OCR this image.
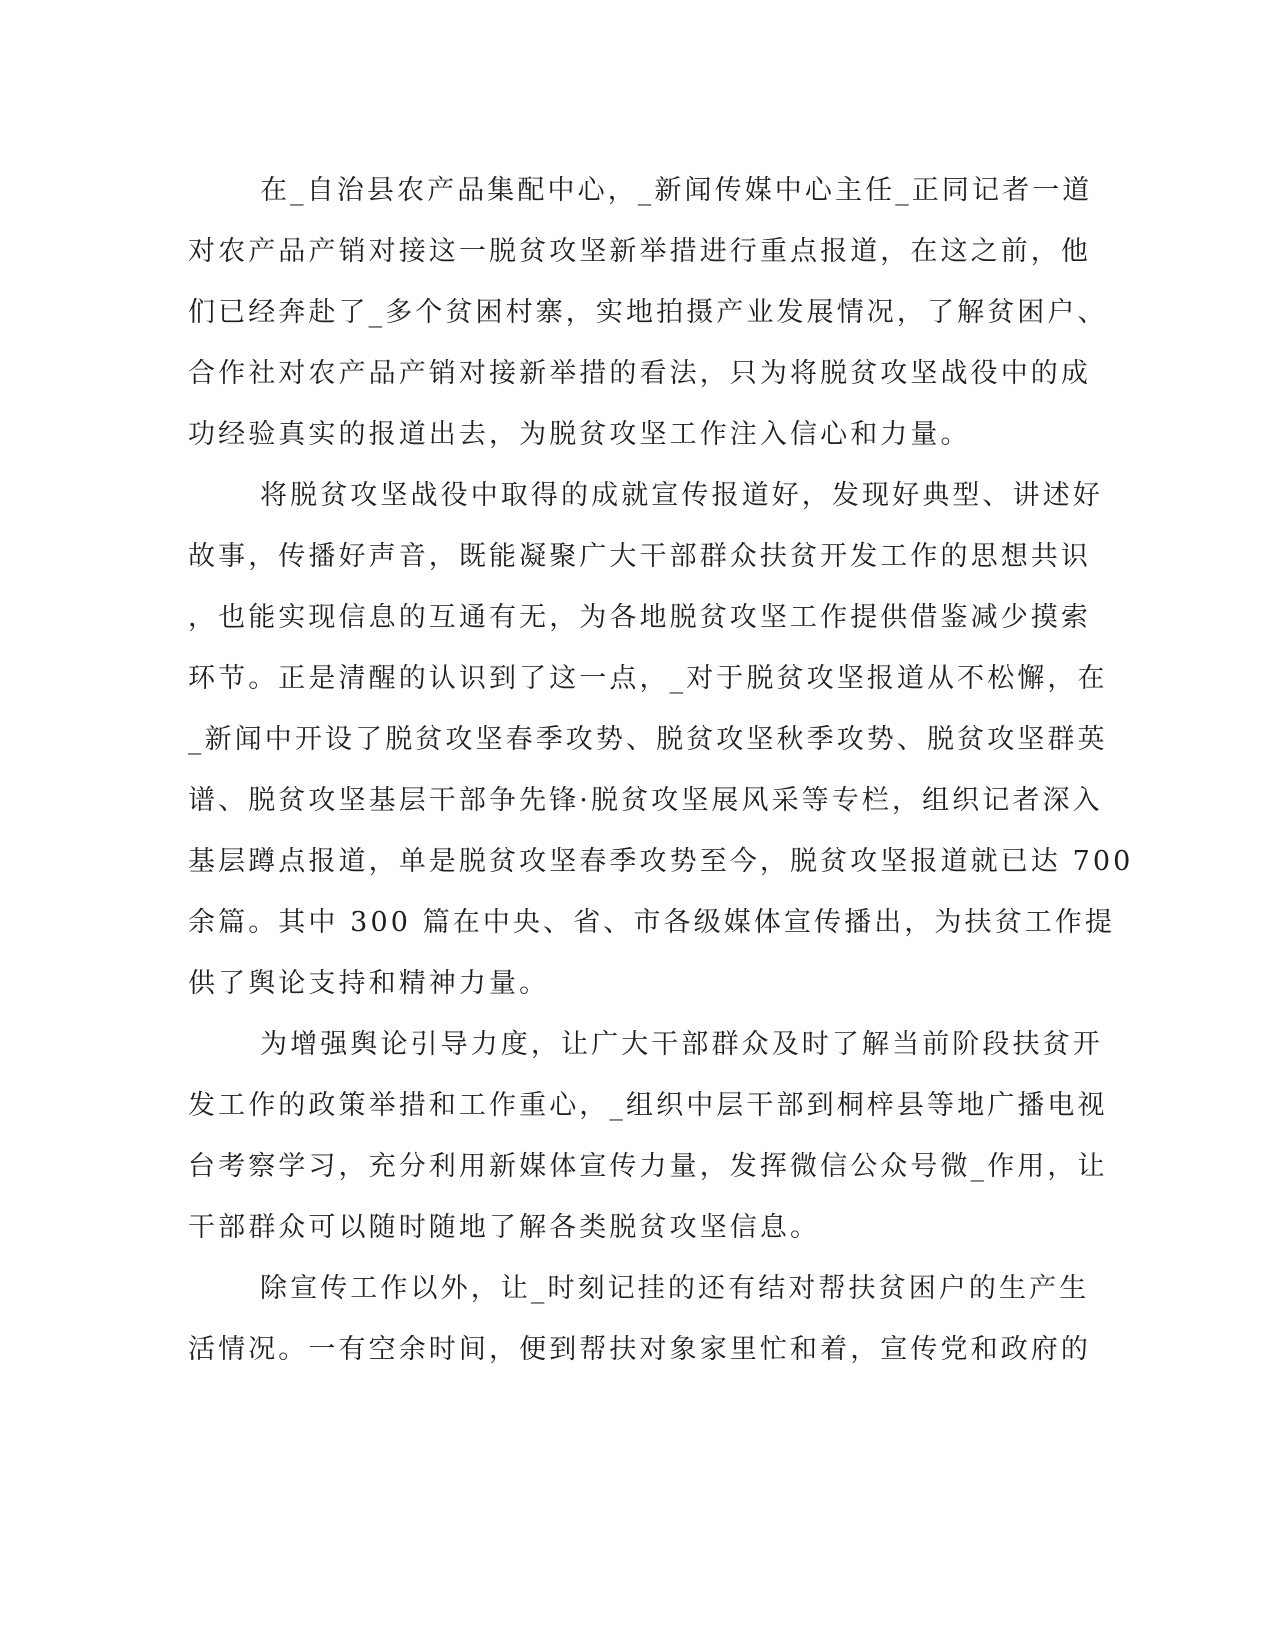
在_自治县农产品集配中心，_新闻传媒中心主任_正同记者一道
对农产品产销对接这一脱贫攻坚新举措进行重点报道，在这之前，他
们已经奔赴了_多个贫困村寨，实地拍摄产业发展情况，了解贫困户、
合作社对农产品产销对接新举措的看法，只为将脱贫攻坚战役中的成
功经验真实的报道出去，为脱贫攻坚工作注入信心和力量。
将脱贫攻坚战役中取得的成就宣传报道好，发现好典型、讲述好
故事，传播好声音，既能凝聚广大干部群众扶贫开发工作的思想共识
，也能实现信息的互通有无，为各地脱贫攻坚工作提供借鉴减少摸索
环节。正是清醒的认识到了这一点，_对于脱贫攻坚报道从不松懈，在
_新闻中开设了脱贫攻坚春季攻势、脱贫攻坚秋季攻势、脱贫攻坚群英
谱、脱贫攻坚基层干部争先锋·脱贫攻坚展风采等专栏，组织记者深入
基层蹲点报道，单是脱贫攻坚春季攻势至今，脱贫攻坚报道就已达 700
余篇。其中 300 篇在中央、省、市各级媒体宣传播出，为扶贫工作提
供了舆论支持和精神力量。
为增强舆论引导力度，让广大干部群众及时了解当前阶段扶贫开
发工作的政策举措和工作重心，_组织中层干部到桐梓县等地广播电视
台考察学习，充分利用新媒体宣传力量，发挥微信公众号微_作用，让
干部群众可以随时随地了解各类脱贫攻坚信息。
除宣传工作以外，让_时刻记挂的还有结对帮扶贫困户的生产生
活情况。一有空余时间，便到帮扶对象家里忙和着，宣传党和政府的
